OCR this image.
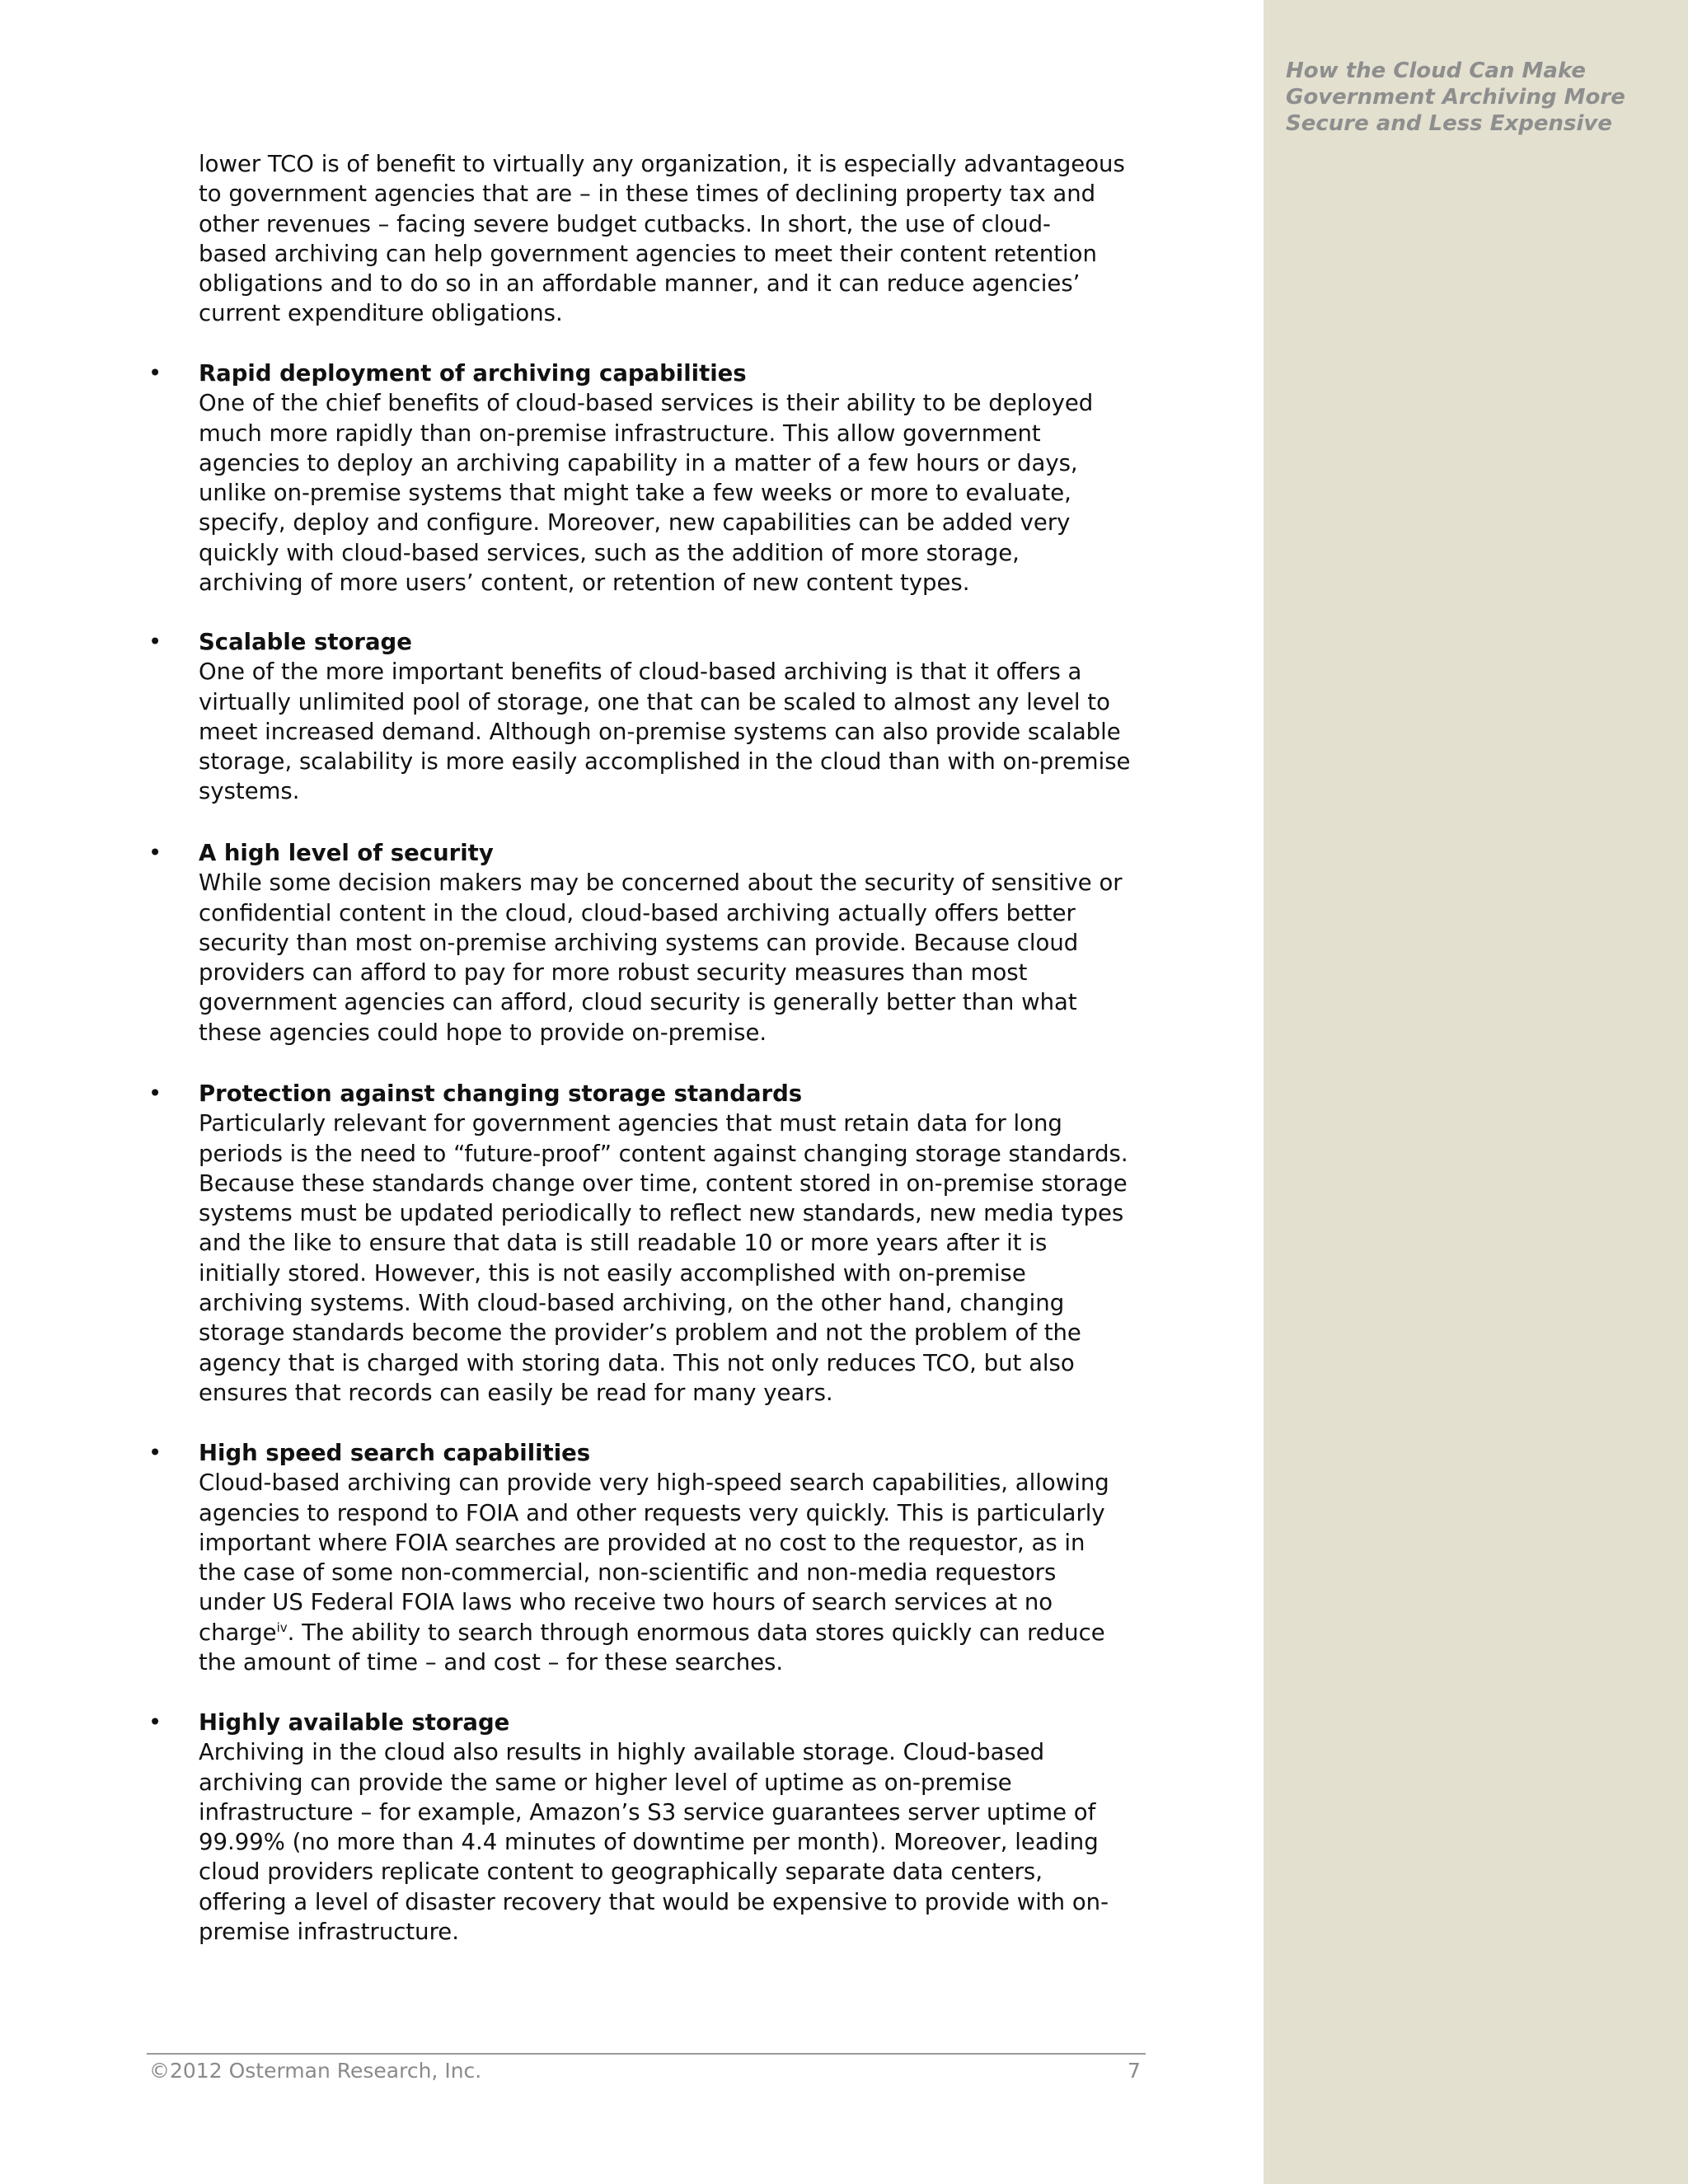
How the Cloud Can Make
Government Archiving More
Secure and Less Expensive
lower TCO is of benefit to virtually any organization, it is especially advantageous
to government agencies that are – in these times of declining property tax and
other revenues – facing severe budget cutbacks. In short, the use of cloud-
based archiving can help government agencies to meet their content retention
obligations and to do so in an affordable manner, and it can reduce agencies’
current expenditure obligations.
• Rapid deployment of archiving capabilities
One of the chief benefits of cloud-based services is their ability to be deployed
much more rapidly than on-premise infrastructure. This allow government
agencies to deploy an archiving capability in a matter of a few hours or days,
unlike on-premise systems that might take a few weeks or more to evaluate,
specify, deploy and configure. Moreover, new capabilities can be added very
quickly with cloud-based services, such as the addition of more storage,
archiving of more users’ content, or retention of new content types.
• Scalable storage
One of the more important benefits of cloud-based archiving is that it offers a
virtually unlimited pool of storage, one that can be scaled to almost any level to
meet increased demand. Although on-premise systems can also provide scalable
storage, scalability is more easily accomplished in the cloud than with on-premise
systems.
• A high level of security
While some decision makers may be concerned about the security of sensitive or
confidential content in the cloud, cloud-based archiving actually offers better
security than most on-premise archiving systems can provide. Because cloud
providers can afford to pay for more robust security measures than most
government agencies can afford, cloud security is generally better than what
these agencies could hope to provide on-premise.
• Protection against changing storage standards
Particularly relevant for government agencies that must retain data for long
periods is the need to “future-proof” content against changing storage standards.
Because these standards change over time, content stored in on-premise storage
systems must be updated periodically to reflect new standards, new media types
and the like to ensure that data is still readable 10 or more years after it is
initially stored. However, this is not easily accomplished with on-premise
archiving systems. With cloud-based archiving, on the other hand, changing
storage standards become the provider’s problem and not the problem of the
agency that is charged with storing data. This not only reduces TCO, but also
ensures that records can easily be read for many years.
• High speed search capabilities
Cloud-based archiving can provide very high-speed search capabilities, allowing
agencies to respond to FOIA and other requests very quickly. This is particularly
important where FOIA searches are provided at no cost to the requestor, as in
the case of some non-commercial, non-scientific and non-media requestors
under US Federal FOIA laws who receive two hours of search services at no
charge$^{iv}$. The ability to search through enormous data stores quickly can reduce
the amount of time – and cost – for these searches.
• Highly available storage
Archiving in the cloud also results in highly available storage. Cloud-based
archiving can provide the same or higher level of uptime as on-premise
infrastructure – for example, Amazon’s S3 service guarantees server uptime of
99.99% (no more than 4.4 minutes of downtime per month). Moreover, leading
cloud providers replicate content to geographically separate data centers,
offering a level of disaster recovery that would be expensive to provide with on-
premise infrastructure.
©2012 Osterman Research, Inc.	7
